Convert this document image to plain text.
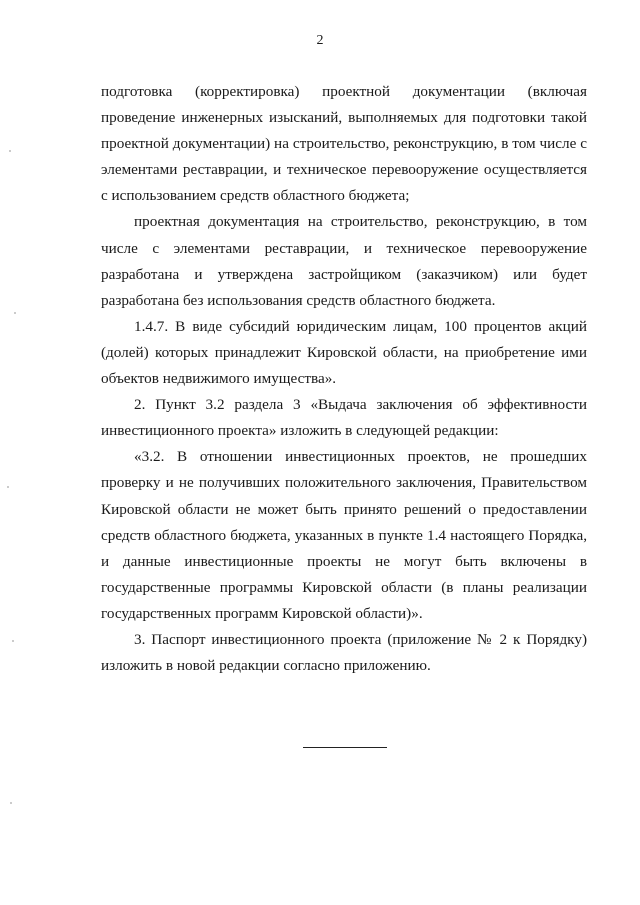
2

подготовка (корректировка) проектной документации (включая проведение инженерных изысканий, выполняемых для подготовки такой проектной документации) на строительство, реконструкцию, в том числе с элементами реставрации, и техническое перевооружение осуществляется с использованием средств областного бюджета;

проектная документация на строительство, реконструкцию, в том числе с элементами реставрации, и техническое перевооружение разработана и утверждена застройщиком (заказчиком) или будет разработана без использования средств областного бюджета.

1.4.7. В виде субсидий юридическим лицам, 100 процентов акций (долей) которых принадлежит Кировской области, на приобретение ими объектов недвижимого имущества».

2. Пункт 3.2 раздела 3 «Выдача заключения об эффективности инвестиционного проекта» изложить в следующей редакции:

«3.2. В отношении инвестиционных проектов, не прошедших проверку и не получивших положительного заключения, Правительством Кировской области не может быть принято решений о предоставлении средств областного бюджета, указанных в пункте 1.4 настоящего Порядка, и данные инвестиционные проекты не могут быть включены в государственные программы Кировской области (в планы реализации государственных программ Кировской области)».

3. Паспорт инвестиционного проекта (приложение № 2 к Порядку) изложить в новой редакции согласно приложению.
